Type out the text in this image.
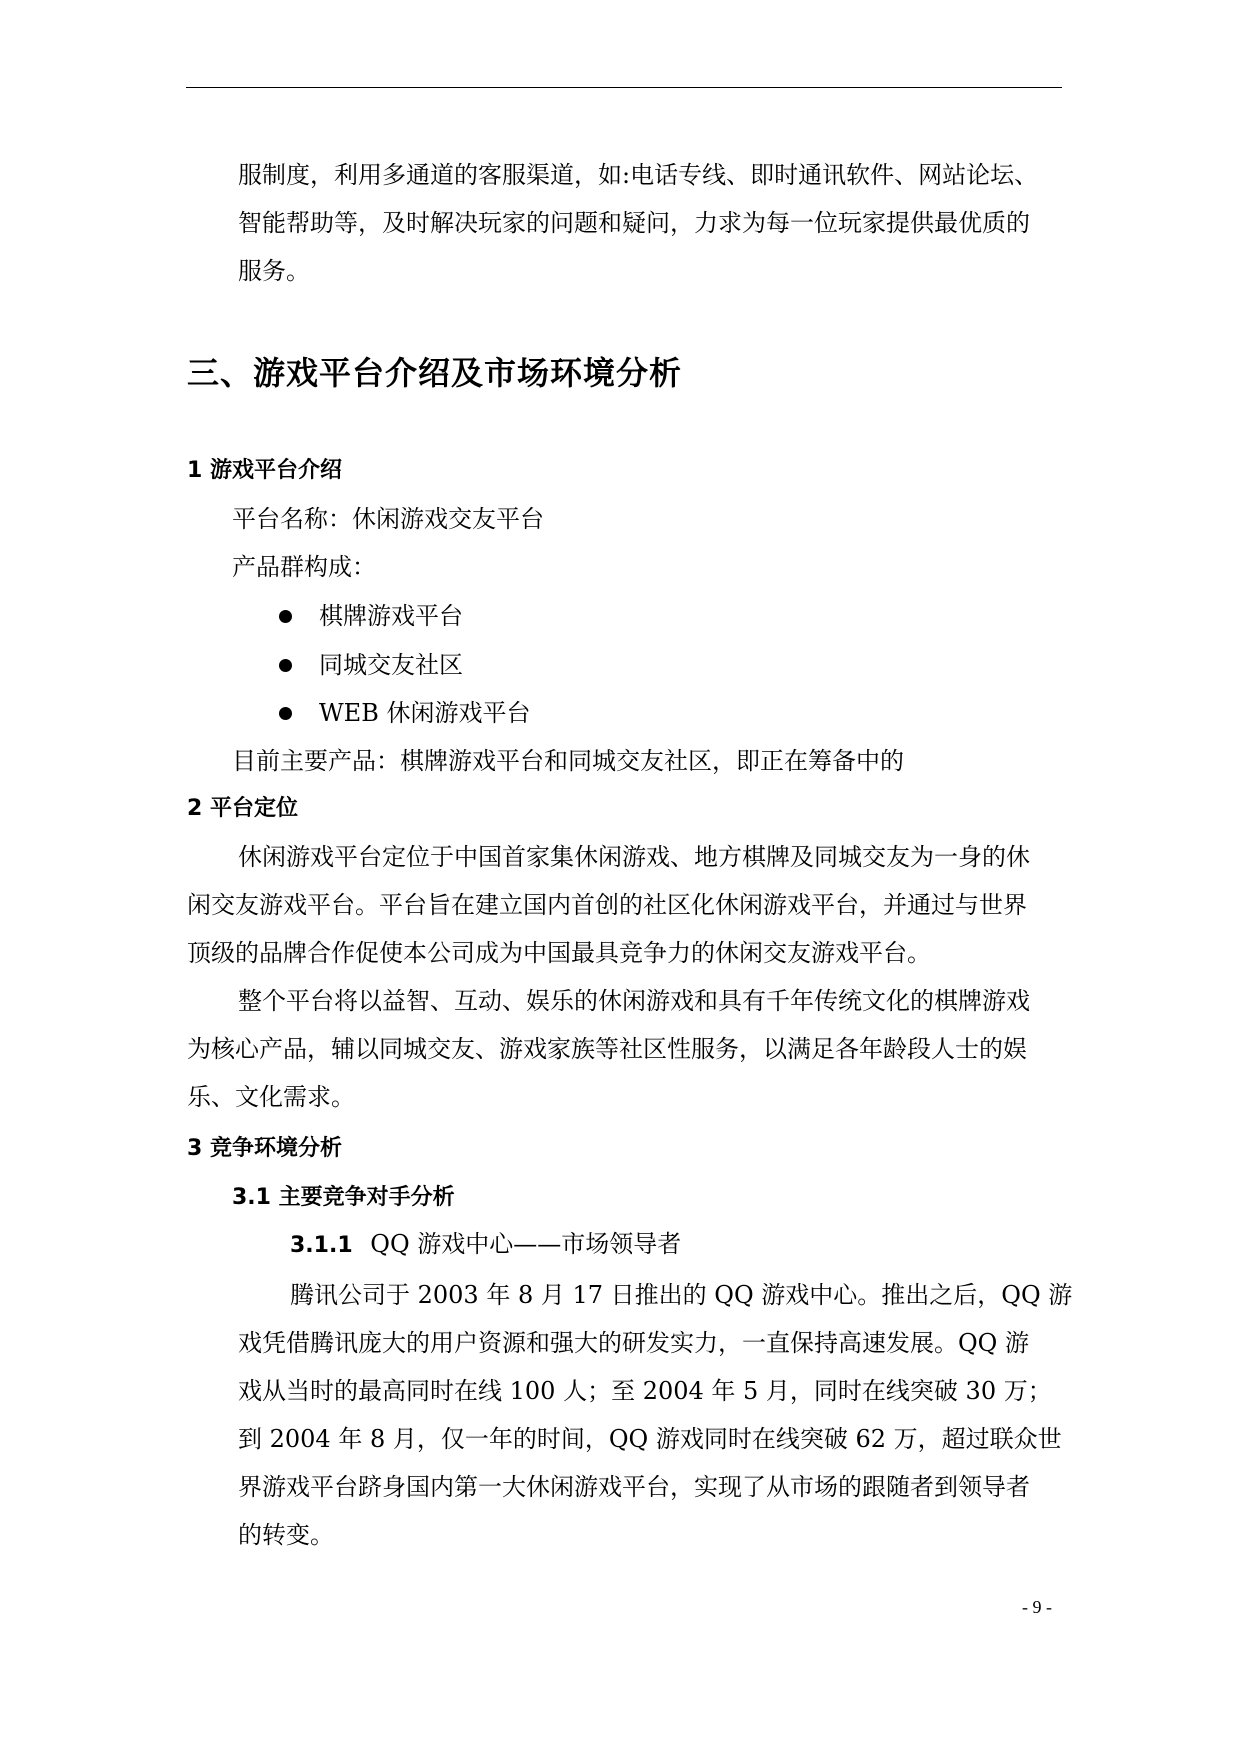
服制度，利用多通道的客服渠道，如:电话专线、即时通讯软件、网站论坛、

智能帮助等，及时解决玩家的问题和疑问，力求为每一位玩家提供最优质的

服务。

三、游戏平台介绍及市场环境分析
1 游戏平台介绍

平台名称：休闲游戏交友平台

产品群构成：

棋牌游戏平台

同城交友社区

WEB 休闲游戏平台

目前主要产品：棋牌游戏平台和同城交友社区，即正在筹备中的

2 平台定位

休闲游戏平台定位于中国首家集休闲游戏、地方棋牌及同城交友为一身的休

闲交友游戏平台。平台旨在建立国内首创的社区化休闲游戏平台，并通过与世界

顶级的品牌合作促使本公司成为中国最具竞争力的休闲交友游戏平台。

整个平台将以益智、互动、娱乐的休闲游戏和具有千年传统文化的棋牌游戏

为核心产品，辅以同城交友、游戏家族等社区性服务，以满足各年龄段人士的娱

乐、文化需求。

3 竞争环境分析
3.1 主要竞争对手分析

3.1.1 QQ 游戏中心——市场领导者

腾讯公司于 2003 年 8 月 17 日推出的 QQ 游戏中心。推出之后，QQ 游

戏凭借腾讯庞大的用户资源和强大的研发实力，一直保持高速发展。QQ 游

戏从当时的最高同时在线 100 人；至 2004 年 5 月，同时在线突破 30 万；

到 2004 年 8 月，仅一年的时间，QQ 游戏同时在线突破 62 万，超过联众世

界游戏平台跻身国内第一大休闲游戏平台，实现了从市场的跟随者到领导者

的转变。

- 9 -
